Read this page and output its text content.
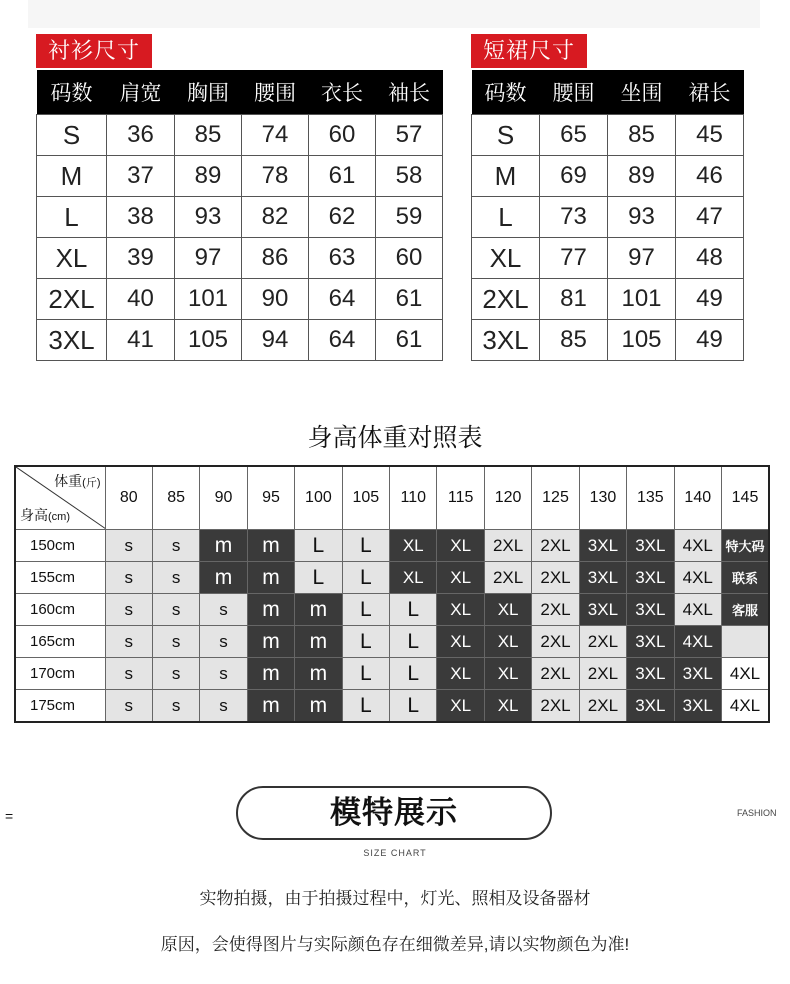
衬衫尺寸
码数	肩宽	胸围	腰围	衣长	袖长
S	36	85	74	60	57
M	37	89	78	61	58
L	38	93	82	62	59
XL	39	97	86	63	60
2XL	40	101	90	64	61
3XL	41	105	94	64	61
短裙尺寸
码数	腰围	坐围	裙长
S	65	85	45
M	69	89	46
L	73	93	47
XL	77	97	48
2XL	81	101	49
3XL	85	105	49
身高体重对照表
体重(斤)
身高(cm)	80	85	90	95	100	105	110	115	120	125	130	135	140	145
150cm	s	s	m	m	L	L	XL	XL	2XL	2XL	3XL	3XL	4XL	特大码
155cm	s	s	m	m	L	L	XL	XL	2XL	2XL	3XL	3XL	4XL	联系
160cm	s	s	s	m	m	L	L	XL	XL	2XL	3XL	3XL	4XL	客服
165cm	s	s	s	m	m	L	L	XL	XL	2XL	2XL	3XL	4XL	
170cm	s	s	s	m	m	L	L	XL	XL	2XL	2XL	3XL	3XL	4XL
175cm	s	s	s	m	m	L	L	XL	XL	2XL	2XL	3XL	3XL	4XL
=	模特展示	FASHION
SIZE CHART
实物拍摄，由于拍摄过程中，灯光、照相及设备器材
原因，会使得图片与实际颜色存在细微差异,请以实物颜色为准!
